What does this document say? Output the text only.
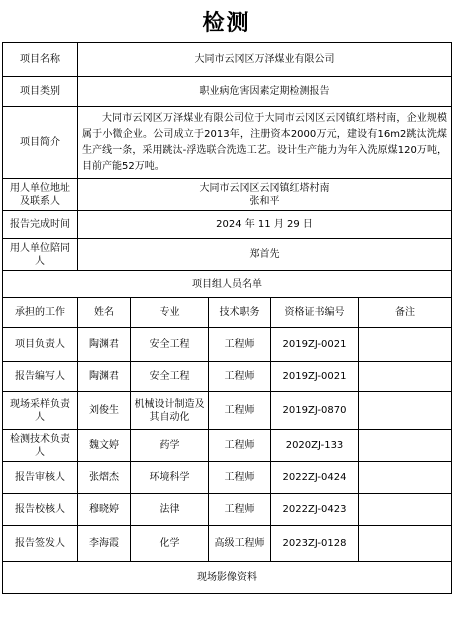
检测
项目名称	大同市云冈区万泽煤业有限公司				
项目类别	职业病危害因素定期检测报告				
项目简介	大同市云冈区万泽煤业有限公司位于大同市云冈区云冈镇红塔村南，企业规模属于小微企业。公司成立于2013年，注册资本2000万元，建设有16m2跳汰洗煤生产线一条，采用跳汰-浮选联合洗选工艺。设计生产能力为年入洗原煤120万吨，目前产能52万吨。				
用人单位地址及联系人	大同市云冈区云冈镇红塔村南
张和平				

报告完成时间	2024 年 11 月 29 日				
用人单位陪同人	郑首先				
项目组人员名单					
承担的工作	姓名	专业	技术职务	资格证书编号	备注
项目负责人	陶渊君	安全工程	工程师	2019ZJ-0021	
报告编写人	陶渊君	安全工程	工程师	2019ZJ-0021	
现场采样负责人	刘俊生	机械设计制造及其自动化	工程师	2019ZJ-0870	
检测技术负责人	魏文婷	药学	工程师	2020ZJ-133	
报告审核人	张熠杰	环境科学	工程师	2022ZJ-0424	
报告校核人	穆晓婷	法律	工程师	2022ZJ-0423	
报告签发人	李海霞	化学	高级工程师	2023ZJ-0128	
现场影像资料					
